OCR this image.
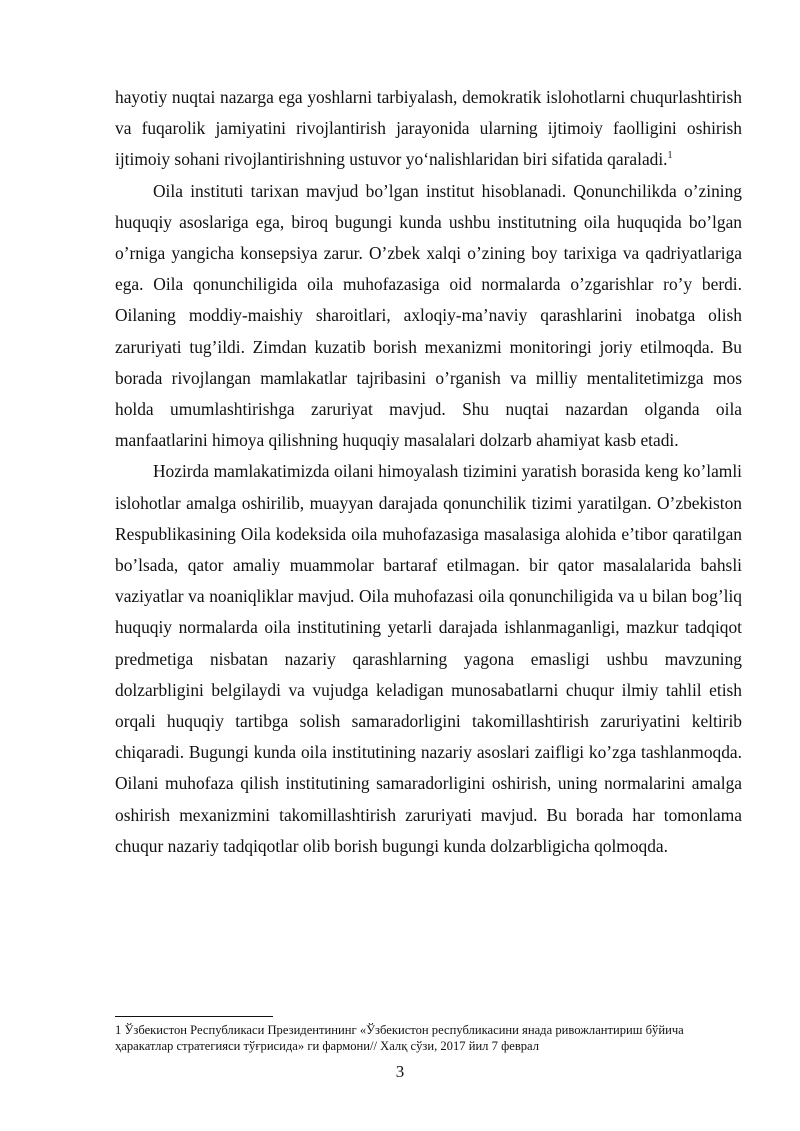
hayotiy nuqtai nazarga ega yoshlarni tarbiyalash, demokratik islohotlarni chuqurlashtirish va fuqarolik jamiyatini rivojlantirish jarayonida ularning ijtimoiy faolligini oshirish ijtimoiy sohani rivojlantirishning ustuvor yo‘nalishlaridan biri sifatida qaraladi.$^1$

Oila instituti tarixan mavjud bo’lgan institut hisoblanadi. Qonunchilikda o’zining huquqiy asoslariga ega, biroq bugungi kunda ushbu institutning oila huquqida bo’lgan o’rniga yangicha konsepsiya zarur. O’zbek xalqi o’zining boy tarixiga va qadriyatlariga ega. Oila qonunchiligida oila muhofazasiga oid normalarda o’zgarishlar ro’y berdi. Oilaning moddiy-maishiy sharoitlari, axloqiy-ma’naviy qarashlarini inobatga olish zaruriyati tug’ildi. Zimdan kuzatib borish mexanizmi monitoringi joriy etilmoqda. Bu borada rivojlangan mamlakatlar tajribasini o’rganish va milliy mentalitetimizga mos holda umumlashtirishga zaruriyat mavjud. Shu nuqtai nazardan olganda oila manfaatlarini himoya qilishning huquqiy masalalari dolzarb ahamiyat kasb etadi.

Hozirda mamlakatimizda oilani himoyalash tizimini yaratish borasida keng ko’lamli islohotlar amalga oshirilib, muayyan darajada qonunchilik tizimi yaratilgan. O’zbekiston Respublikasining Oila kodeksida oila muhofazasiga masalasiga alohida e’tibor qaratilgan bo’lsada, qator amaliy muammolar bartaraf etilmagan. bir qator masalalarida bahsli vaziyatlar va noaniqliklar mavjud. Oila muhofazasi oila qonunchiligida va u bilan bog’liq huquqiy normalarda oila institutining yetarli darajada ishlanmaganligi, mazkur tadqiqot predmetiga nisbatan nazariy qarashlarning yagona emasligi ushbu mavzuning dolzarbligini belgilaydi va vujudga keladigan munosabatlarni chuqur ilmiy tahlil etish orqali huquqiy tartibga solish samaradorligini takomillashtirish zaruriyatini keltirib chiqaradi. Bugungi kunda oila institutining nazariy asoslari zaifligi ko’zga tashlanmoqda. Oilani muhofaza qilish institutining samaradorligini oshirish, uning normalarini amalga oshirish mexanizmini takomillashtirish zaruriyati mavjud. Bu borada har tomonlama chuqur nazariy tadqiqotlar olib borish bugungi kunda dolzarbligicha qolmoqda.

1 Ўзбекистон Республикаси Президентининг «Ўзбекистон республикасини янада ривожлантириш бўйича ҳаракатлар стратегияси тўғрисида» ги фармони// Халқ сўзи, 2017 йил 7 феврал
3
